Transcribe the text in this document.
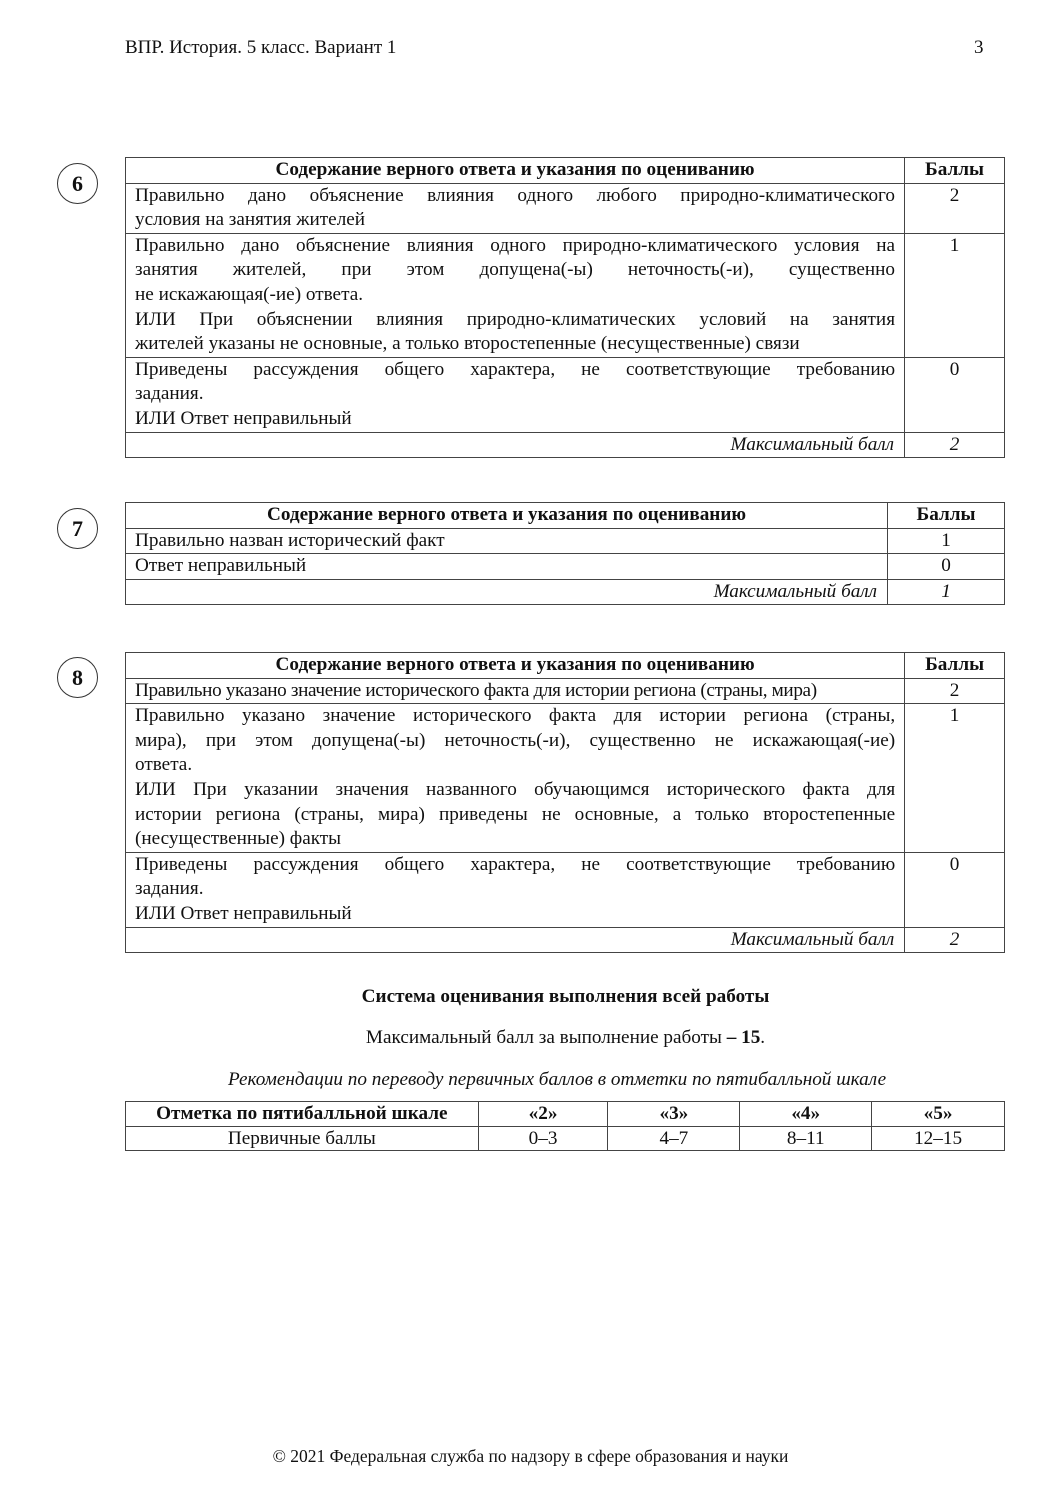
ВПР. История. 5 класс. Вариант 1	3
6
Содержание верного ответа и указания по оцениванию	Баллы

Правильно дано объяснение влияния одного любого природно-климатического
условия на занятия жителей	2

Правильно дано объяснение влияния одного природно-климатического условия на
занятия жителей, при этом допущена(-ы) неточность(-и), существенно
не искажающая(-ие) ответа.
ИЛИ При объяснении влияния природно-климатических условий на занятия
жителей указаны не основные, а только второстепенные (несущественные) связи	1

Приведены рассуждения общего характера, не соответствующие требованию
задания.
ИЛИ Ответ неправильный	0
Максимальный балл	2
7
Содержание верного ответа и указания по оцениванию	Баллы
Правильно назван исторический факт	1
Ответ неправильный	0
Максимальный балл	1
8	Содержание верного ответа и указания по оцениванию	Баллы
Правильно указано значение исторического факта для истории региона (страны, мира)	2

Правильно указано значение исторического факта для истории региона (страны,
мира), при этом допущена(-ы) неточность(-и), существенно не искажающая(-ие)
ответа.
ИЛИ При указании значения названного обучающимся исторического факта для
истории региона (страны, мира) приведены не основные, а только второстепенные
(несущественные) факты
	1

Приведены рассуждения общего характера, не соответствующие требованию
задания.
ИЛИ Ответ неправильный	0
Максимальный балл	2
Система оценивания выполнения всей работы
Максимальный балл за выполнение работы – 15.
Рекомендации по переводу первичных баллов в отметки по пятибалльной шкале
Отметка по пятибалльной шкале	«2»	«3»	«4»	«5»
Первичные баллы	0–3	4–7	8–11	12–15
© 2021 Федеральная служба по надзору в сфере образования и науки
